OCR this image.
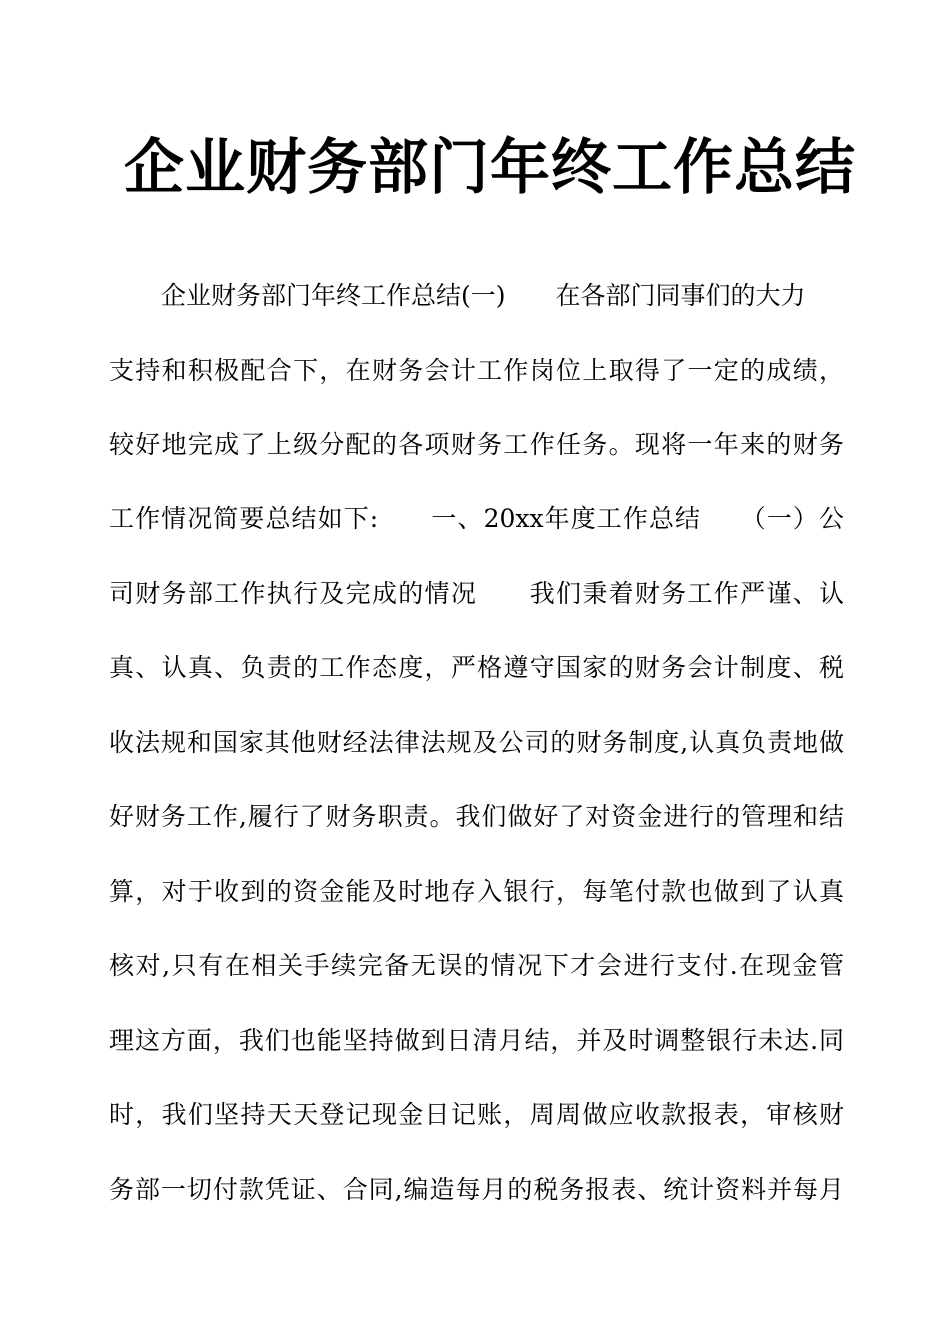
企业财务部门年终工作总结
企业财务部门年终工作总结(一)　　在各部门同事们的大力
支持和积极配合下，在财务会计工作岗位上取得了一定的成绩，
较好地完成了上级分配的各项财务工作任务。现将一年来的财务
工作情况简要总结如下:　　一、20xx年度工作总结　　（一）公
司财务部工作执行及完成的情况　　我们秉着财务工作严谨、认
真、认真、负责的工作态度，严格遵守国家的财务会计制度、税
收法规和国家其他财经法律法规及公司的财务制度,认真负责地做
好财务工作,履行了财务职责。我们做好了对资金进行的管理和结
算，对于收到的资金能及时地存入银行，每笔付款也做到了认真
核对,只有在相关手续完备无误的情况下才会进行支付.在现金管
理这方面，我们也能坚持做到日清月结，并及时调整银行未达.同
时，我们坚持天天登记现金日记账，周周做应收款报表，审核财
务部一切付款凭证、合同,编造每月的税务报表、统计资料并每月
